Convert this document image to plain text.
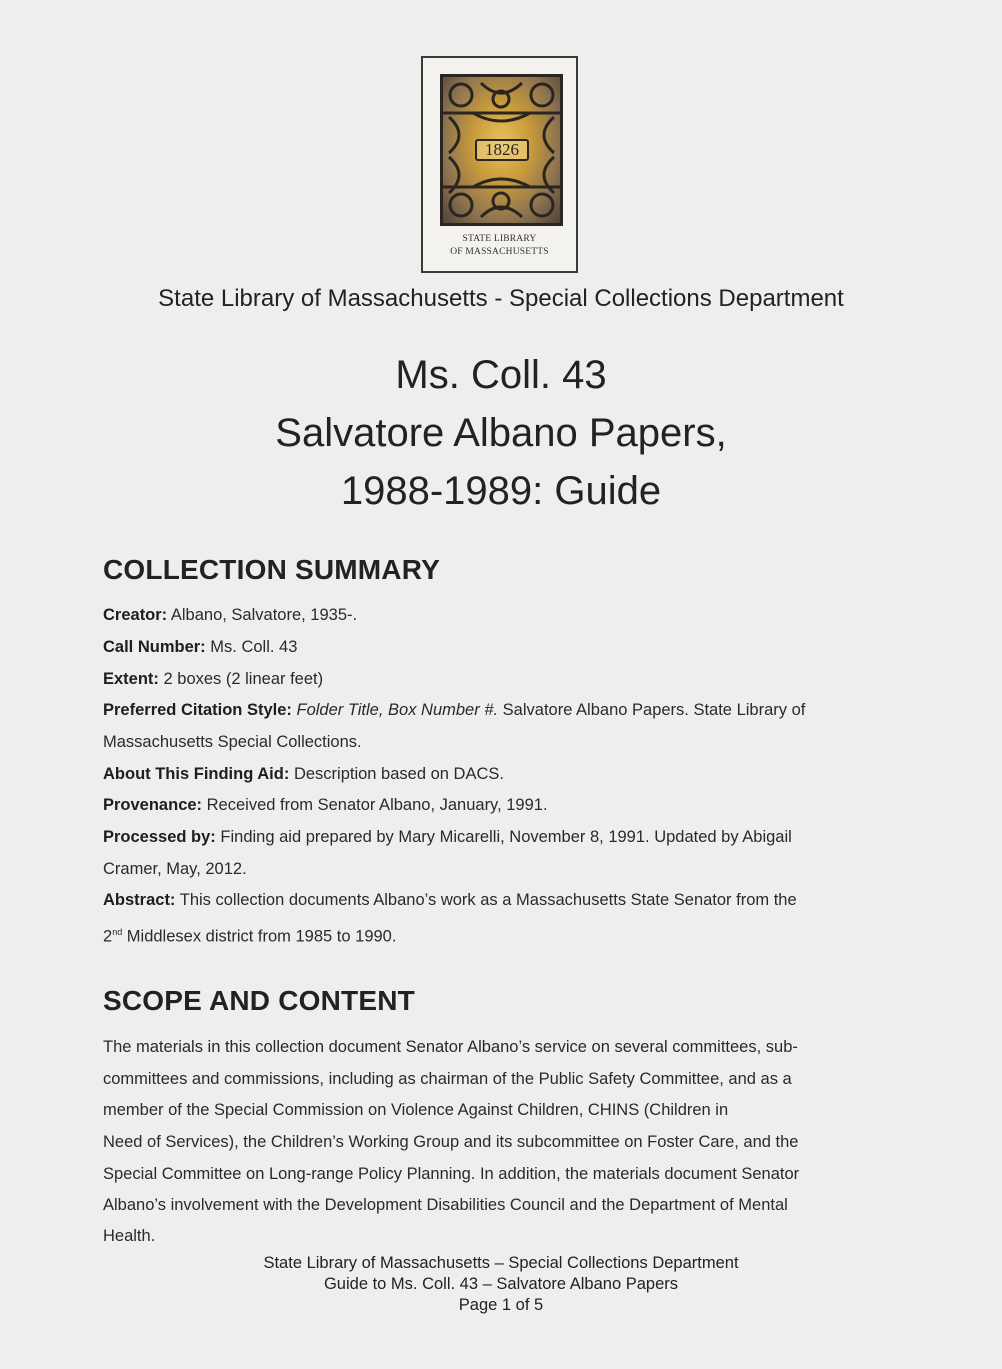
1826
STATE LIBRARY
OF MASSACHUSETTS
State Library of Massachusetts - Special Collections Department
Ms. Coll. 43
Salvatore Albano Papers,
1988-1989: Guide
COLLECTION SUMMARY
Creator: Albano, Salvatore, 1935-.
Call Number: Ms. Coll. 43
Extent: 2 boxes (2 linear feet)
Preferred Citation Style: Folder Title, Box Number #. Salvatore Albano Papers. State Library of
Massachusetts Special Collections.
About This Finding Aid: Description based on DACS.
Provenance: Received from Senator Albano, January, 1991.
Processed by: Finding aid prepared by Mary Micarelli, November 8, 1991. Updated by Abigail
Cramer, May, 2012.
Abstract: This collection documents Albano’s work as a Massachusetts State Senator from the
2nd Middlesex district from 1985 to 1990.
SCOPE AND CONTENT
The materials in this collection document Senator Albano’s service on several committees, sub-
committees and commissions, including as chairman of the Public Safety Committee, and as a
member of the Special Commission on Violence Against Children, CHINS (Children in
Need of Services), the Children’s Working Group and its subcommittee on Foster Care, and the
Special Committee on Long-range Policy Planning. In addition, the materials document Senator
Albano’s involvement with the Development Disabilities Council and the Department of Mental
Health.
State Library of Massachusetts – Special Collections Department
Guide to Ms. Coll. 43 – Salvatore Albano Papers
Page 1 of 5
